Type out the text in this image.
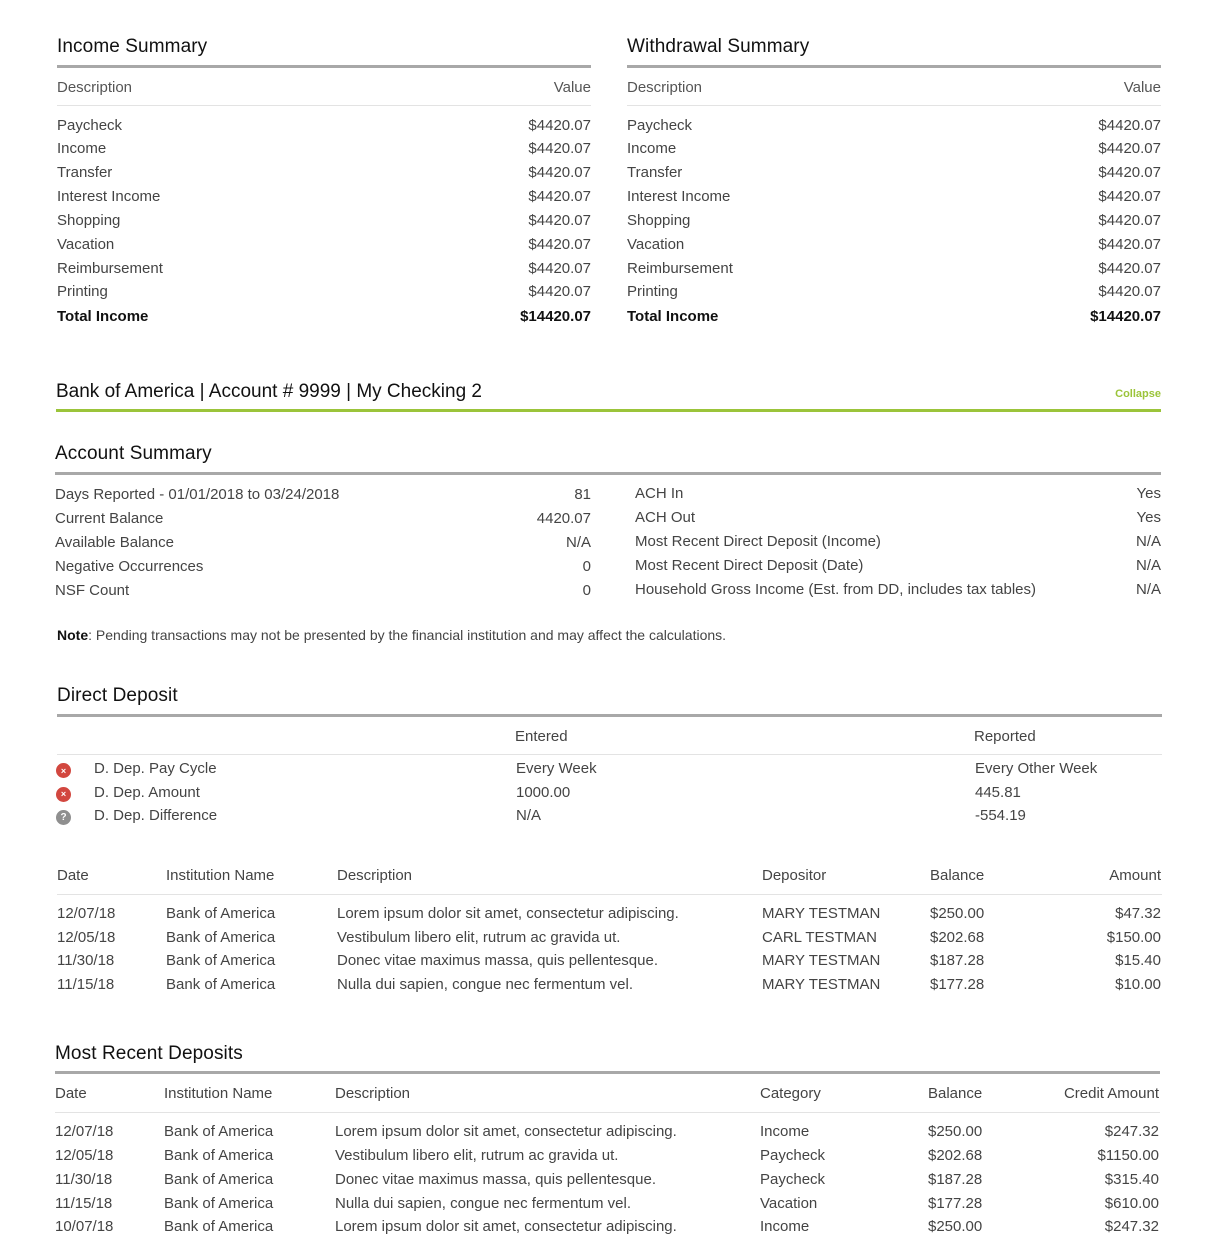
Income Summary
Description	Value
Paycheck	$4420.07
Income	$4420.07
Transfer	$4420.07
Interest Income	$4420.07
Shopping	$4420.07
Vacation	$4420.07
Reimbursement	$4420.07
Printing	$4420.07
Total Income	$14420.07
Withdrawal Summary
Description	Value
Paycheck	$4420.07
Income	$4420.07
Transfer	$4420.07
Interest Income	$4420.07
Shopping	$4420.07
Vacation	$4420.07
Reimbursement	$4420.07
Printing	$4420.07
Total Income	$14420.07
Bank of America | Account # 9999 | My Checking 2	Collapse
Account Summary
Days Reported - 01/01/2018 to 03/24/2018	81
Current Balance	4420.07
Available Balance	N/A
Negative Occurrences	0
NSF Count	0
ACH In	Yes
ACH Out	Yes
Most Recent Direct Deposit (Income)	N/A
Most Recent Direct Deposit (Date)	N/A
Household Gross Income (Est. from DD, includes tax tables)	N/A
Note: Pending transactions may not be presented by the financial institution and may affect the calculations.
Direct Deposit
Entered	Reported
×	D. Dep. Pay Cycle	Every Week	Every Other Week
×	D. Dep. Amount	1000.00	445.81
? D. Dep. Difference	N/A	-554.19
Date	Institution Name	Description	Depositor	Balance	Amount
12/07/18	Bank of America	Lorem ipsum dolor sit amet, consectetur adipiscing.	MARY TESTMAN	$250.00	$47.32
12/05/18	Bank of America	Vestibulum libero elit, rutrum ac gravida ut.	CARL TESTMAN	$202.68	$150.00
11/30/18	Bank of America	Donec vitae maximus massa, quis pellentesque.	MARY TESTMAN	$187.28	$15.40
11/15/18	Bank of America	Nulla dui sapien, congue nec fermentum vel.	MARY TESTMAN	$177.28	$10.00
Most Recent Deposits
Date	Institution Name	Description	Category	Balance	Credit Amount
12/07/18	Bank of America	Lorem ipsum dolor sit amet, consectetur adipiscing.	Income	$250.00	$247.32
12/05/18	Bank of America	Vestibulum libero elit, rutrum ac gravida ut.	Paycheck	$202.68	$1150.00
11/30/18	Bank of America	Donec vitae maximus massa, quis pellentesque.	Paycheck	$187.28	$315.40
11/15/18	Bank of America	Nulla dui sapien, congue nec fermentum vel.	Vacation	$177.28	$610.00
10/07/18	Bank of America	Lorem ipsum dolor sit amet, consectetur adipiscing.	Income	$250.00	$247.32
